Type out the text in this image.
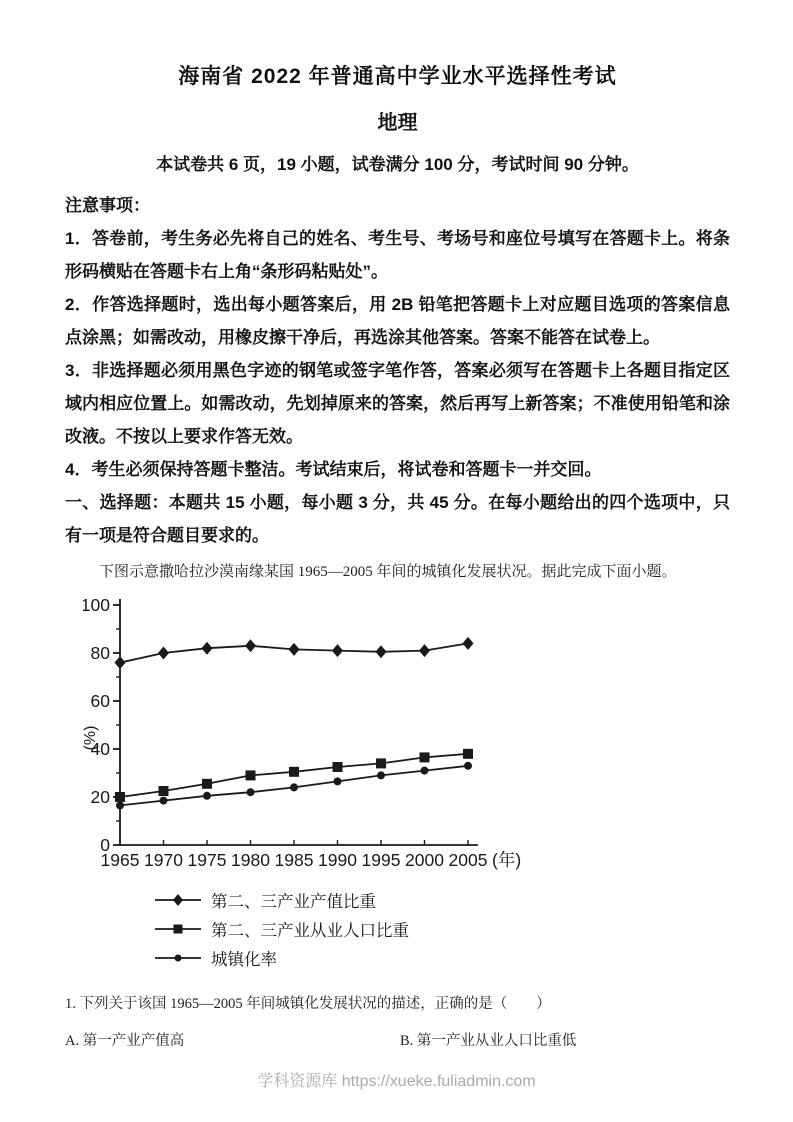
海南省 2022 年普通高中学业水平选择性考试
地理

本试卷共 6 页，19 小题，试卷满分 100 分，考试时间 90 分钟。

注意事项：

1．答卷前，考生务必先将自己的姓名、考生号、考场号和座位号填写在答题卡上。将条形码横贴在答题卡右上角“条形码粘贴处”。

2．作答选择题时，选出每小题答案后，用 2B 铅笔把答题卡上对应题目选项的答案信息点涂黑；如需改动，用橡皮擦干净后，再选涂其他答案。答案不能答在试卷上。

3．非选择题必须用黑色字迹的钢笔或签字笔作答，答案必须写在答题卡上各题目指定区域内相应位置上。如需改动，先划掉原来的答案，然后再写上新答案；不准使用铅笔和涂改液。不按以上要求作答无效。

4．考生必须保持答题卡整洁。考试结束后，将试卷和答题卡一并交回。

一、选择题：本题共 15 小题，每小题 3 分，共 45 分。在每小题给出的四个选项中，只有一项是符合题目要求的。

下图示意撒哈拉沙漠南缘某国 1965—2005 年间的城镇化发展状况。据此完成下面小题。

0
20
40
60
80
100
1965 1970 1975 1980 1985 1990 1995 2000 2005 (年)
(%)
第二、三产业产值比重
第二、三产业从业人口比重
城镇化率

1. 下列关于该国 1965—2005 年间城镇化发展状况的描述，正确的是（　　）

A. 第一产业产值高	B. 第一产业从业人口比重低
学科资源库 https://xueke.fuliadmin.com
